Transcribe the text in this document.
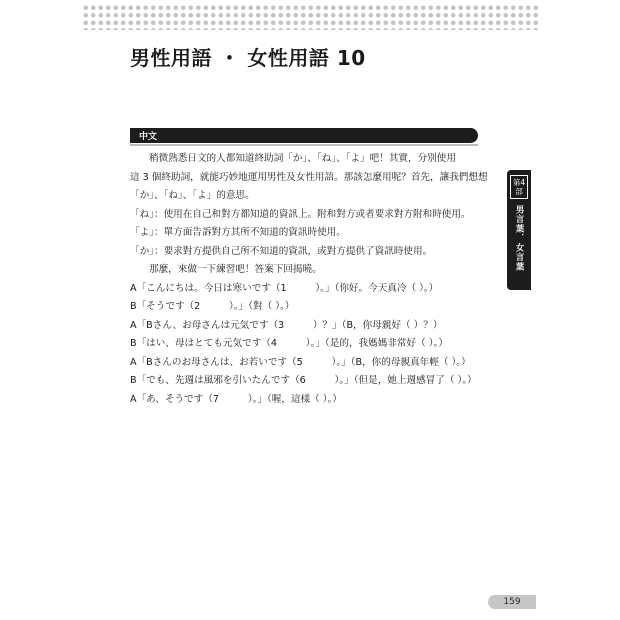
男性用語 ・ 女性用語 10
中文
稍微熟悉日文的人都知道終助詞「か」、「ね」、「よ」吧！其實，分別使用
這 3 個終助詞，就能巧妙地運用男性及女性用語。那該怎麼用呢？首先，讓我們想想
「か」、「ね」、「よ」的意思。
「ね」：使用在自己和對方都知道的資訊上。附和對方或者要求對方附和時使用。
「よ」：單方面告訴對方其所不知道的資訊時使用。
「か」：要求對方提供自己所不知道的資訊，或對方提供了資訊時使用。
那麼，來做一下練習吧！答案下回揭曉。
A「こんにちは。今日は寒いです（1　　　）。」（你好。今天真冷（ ）。）
B「そうです（2　　　）。」（對（ ）。）
A「Bさん、お母さんは元気です（3　　　）？」（B，你母親好（ ）？）
B「はい、母はとても元気です（4　　　）。」（是的，我媽媽非常好（ ）。）
A「Bさんのお母さんは、お若いです（5　　　）。」（B，你的母親真年輕（ ）。）
B「でも、先週は風邪を引いたんです（6　　　）。」（但是，她上週感冒了（ ）。）
A「あ、そうです（7　　　）。」（喔，這樣（ ）。）
第4部
男言葉．女言葉
159
